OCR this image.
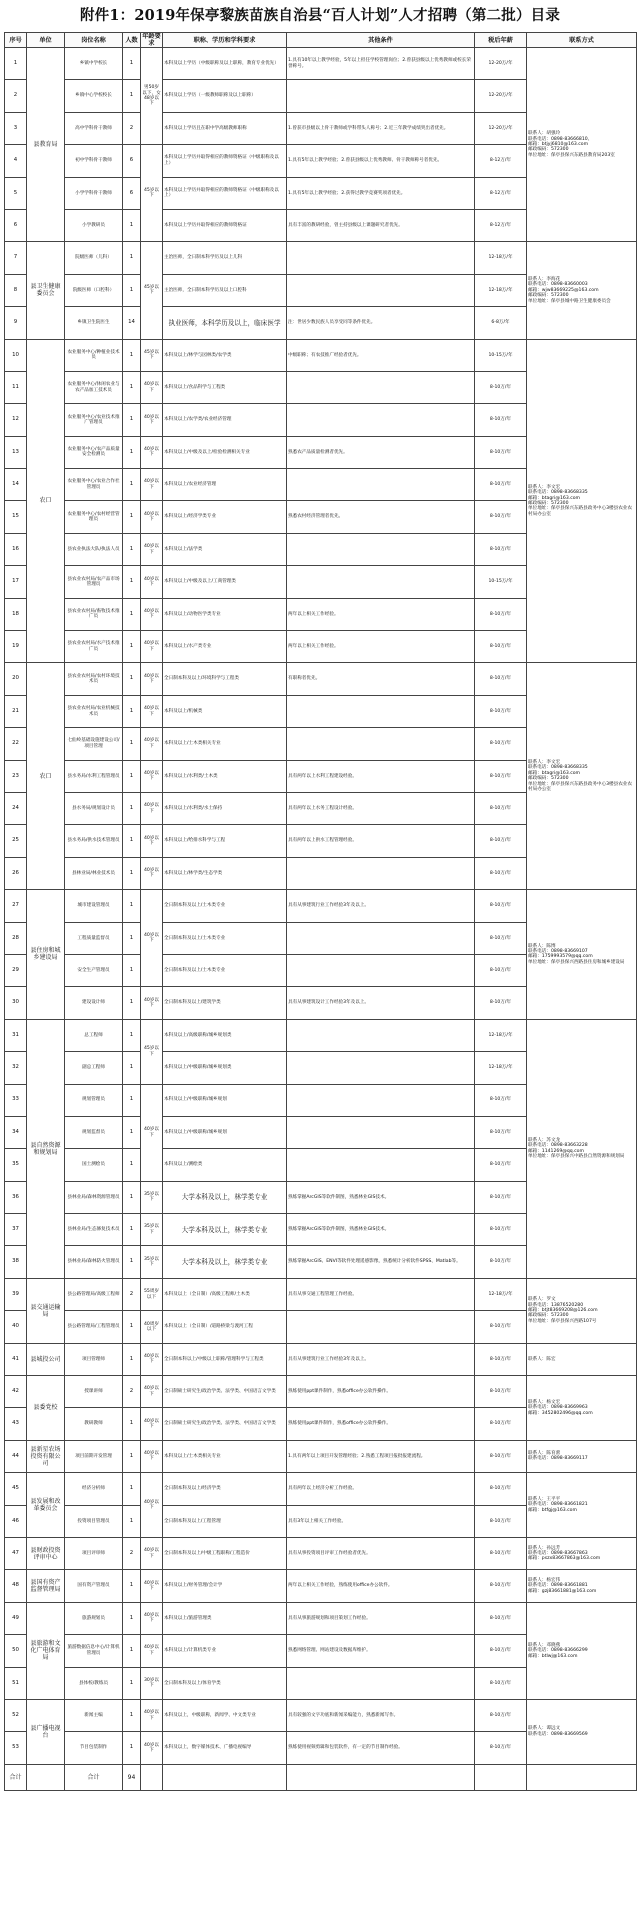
附件1：2019年保亭黎族苗族自治县“百人计划”人才招聘（第二批）目录
序号	单位	岗位名称	人数	年龄要求	职称、学历和学科要求	其他条件	税后年薪	联系方式
1	县教育局	乡镇中学校长	1	男50岁以下，女48岁以下	本科及以上学历（中级职称及以上职称，教育专业优先）	1.具有10年以上教学经验，5年以上担任学校管理岗位；2.曾获县级以上优秀教师或校长荣誉称号。	12-20万/年	联系人：胡强玲
联系电话：0898-83666810、
邮箱：btjyj6810@163.com
邮政编码：572300
单位地址：保亭县保兴东路县教育局203室
2		乡镇中心学校校长	1		本科及以上学历（一级教师职称及以上职称）		12-20万/年	
3		高中学科骨干教师	2		本科及以上学历且在职中学高级教师职称	1.曾获市县级以上骨干教师或学科带头人称号；2.近三年教学成绩突出者优先。	12-20万/年	
4		初中学科骨干教师	6	45岁以下	本科及以上学历并取得相应的教师资格证（中级职称及以上）	1.具有5年以上教学经验；2.曾获县级以上优秀教师、骨干教师称号者优先。	8-12万/年	
5		小学学科骨干教师	6		本科及以上学历并取得相应的教师资格证（中级职称及以上）	1.具有5年以上教学经验；2.获得过教学竞赛奖项者优先。	8-12万/年	
6		小学教研员	1		本科及以上学历并取得相应的教师资格证	具有丰富的教研经验，曾主持县级以上课题研究者优先。	8-12万/年	
7	县卫生健康委员会	院级医师（儿科）	1	45岁以下	主治医师，全日制本科学历及以上儿科		12-18万/年	联系人：李海花
联系电话：0898-83660003
邮箱：wjw83669225@163.com
邮政编码：572300
单位地址：保亭县城中路卫生健康委员会
8		院级医师（口腔科）	1		主治医师，全日制本科学历及以上口腔科		12-18万/年	
9		乡镇卫生院医生	14		执业医师，本科学历及以上，临床医学	注：世居少数民族人员享受同等条件优先。	6-8万/年	
10	农口	农业服务中心/种植业技术员	1	45岁以下	本科及以上/林学与园林类/农学类	中级职称；有农技推广经验者优先。	10-15万/年	联系人：李文宏
联系电话：0898-83668335
邮箱：btagri@163.com
邮政编码：572300
单位地址：保亭县保兴东路县政务中心3楼县农业农村局办公室
11		农业服务中心/休闲农业与农产品加工技术员	1	40岁以下	本科及以上/食品科学与工程类		8-10万/年	
12		农业服务中心/农业技术推广管理员	1	40岁以下	本科及以上/农学类/农业经济管理		8-10万/年	
13		农业服务中心/农产品质量安全检测员	1	40岁以下	本科及以上/中级及以上/检验检测相关专业	熟悉农产品质量检测者优先。	8-10万/年	
14		农业服务中心/农业合作社管理员	1	40岁以下	本科及以上/农业经济管理		8-10万/年	
15		农业服务中心/农村经营管理员	1	40岁以下	本科及以上/经济学类专业	熟悉农村经济管理者优先。	8-10万/年	
16		县农业执法大队/执法人员	1	40岁以下	本科及以上/法学类		8-10万/年	
17		县农业农村局/农产品市场管理员	1	40岁以下	本科及以上/中级及以上/工商管理类		10-15万/年	
18		县农业农村局/畜牧技术推广员	1	40岁以下	本科及以上/动物医学类专业	两年以上相关工作经验。	8-10万/年	
19		县农业农村局/水产技术推广员	1	40岁以下	本科及以上/水产类专业	两年以上相关工作经验。	8-10万/年	
20	农口	县农业农村局/农村环境技术员	1	40岁以下	全日制本科及以上/环境科学与工程类	有职称者优先。	8-10万/年	联系人：李文宏
联系电话：0898-83668335
邮箱：btagri@163.com
邮政编码：572300
单位地址：保亭县保兴东路县政务中心3楼县农业农村局办公室
21		县农业农村局/农业机械技术员	1	40岁以下	本科及以上/机械类		8-10万/年	
22		七仙岭基础设施建设公司/项目管理	1	40岁以下	本科及以上/土木类相关专业		8-10万/年	
23		县水务局/水利工程管理员	1	40岁以下	本科及以上/水利类/土木类	具有两年以上水利工程建设经验。	8-10万/年	
24		县水务局/规划设计员	1	40岁以下	本科及以上/水利类/水土保持	具有两年以上水务工程设计经验。	8-10万/年	
25		县水务局/供水技术管理员	1	40岁以下	本科及以上/给排水科学与工程	具有两年以上供水工程管理经验。	8-10万/年	
26		县林业局/林业技术员	1	40岁以下	本科及以上/林学类/生态学类		8-10万/年	
27	县住房和城乡建设局	城市建设管理员	1	40岁以下	全日制本科及以上/土木类专业	具有从事建筑行业工作经验3年及以上。	8-10万/年	联系人：陈博
联系电话：0898-83669107
邮箱：1759993579@qq.com
单位地址：保亭县保兴西路县住房和城乡建设局
28		工程质量监督员	1		全日制本科及以上/土木类专业		8-10万/年	
29		安全生产管理员	1		全日制本科及以上/土木类专业		8-10万/年	
30		建设设计师	1	40岁以下	全日制本科及以上/建筑学类	具有从事建筑设计工作经验3年及以上。	8-10万/年	
31	县自然资源和规划局	总工程师	1	45岁以下	本科及以上/高级职称/城乡规划类		12-18万/年	联系人：苏文龙
联系电话：0898-83663228
邮箱：1141269@qq.com
单位地址：保亭县保兴中路县自然资源和规划局
32		副总工程师	1		本科及以上/中级职称/城乡规划类		12-18万/年	
33		规划管理员	1	40岁以下	本科及以上/中级职称/城乡规划		8-10万/年	
34		规划监督员	1		本科及以上/中级职称/城乡规划		8-10万/年	
35		国土测绘员	1		本科及以上/测绘类		8-10万/年	
36		县林业局/森林资源管理员	1	35岁以下	大学本科及以上，林学类专业	熟练掌握ArcGIS等软件制图，熟悉林业GIS技术。	8-10万/年	
37		县林业局/生态修复技术员	1	35岁以下	大学本科及以上，林学类专业	熟练掌握ArcGIS等软件制图，熟悉林业GIS技术。	8-10万/年	
38		县林业局/森林防火管理员	1	35岁以下	大学本科及以上，林学类专业	熟练掌握ArcGIS、ENVI等软件处理遥感影像，熟悉统计分析软件SPSS、Matlab等。	8-10万/年	
39	县交通运输局	县公路管理局/高级工程师	2	55周岁以下	本科及以上（全日制）/高级工程师/土木类	具有从事交通工程管理工作经验。	12-18万/年	联系人：罗文
联系电话：13876520280
邮箱：btjt83669208@126.com
邮政编码：572300
单位地址：保亭县保兴西路107号
40		县公路管理局/工程管理员	1	40周岁以下	本科及以上（全日制）/道路桥梁与渡河工程		8-10万/年	
41	县城投公司	项目管理师	1	40岁以下	全日制本科以上/中级以上职称/管理科学与工程类	具有从事建筑行业工作经验3年及以上。	8-10万/年	联系人：陈宏
42	县委党校	授课讲师	2	40岁以下	全日制硕士研究生/政治学类、法学类、中国语言文学类	熟练使用ppt课件制作，熟悉office办公软件操作。	8-10万/年	联系人：杨文宏
联系电话：0898-83669963
邮箱：3452802496@qq.com
43		教研教师	1	40岁以下	全日制硕士研究生/政治学类、法学类、中国语言文学类	熟练使用ppt课件制作，熟悉office办公软件操作。	8-10万/年	
44	县新星农场投资有限公司	项目前期开发管理	1	40岁以下	本科及以上/土木类相关专业	1.具有两年以上项目开发管理经验；2.熟悉工程项目报批报建流程。	8-10万/年	联系人：陈育蕾
联系电话：0898-83669117
45	县发展和改革委员会	经济分析师	1	40岁以下	全日制本科及以上/经济学类	具有两年以上经济分析工作经验。	8-10万/年	联系人：王平平
联系电话：0898-83661821
邮箱：btfgj@163.com
46		投资项目管理员	1		全日制本科及以上/工程管理	具有3年以上相关工作经验。	8-10万/年	
47	县财政投资评审中心	项目评审师	2	40岁以下	全日制本科及以上/中级工程职称/工程造价	具有从事投资项目评审工作经验者优先。	8-10万/年	联系人：孙远芳
联系电话：0898-83667863
邮箱：pszx83667863@163.com
48	县国有资产监督管理局	国有资产管理员	1	40岁以下	本科及以上/财务管理/会计学	两年以上相关工作经验，熟练使用office办公软件。	8-10万/年	联系人：杨宏伟
联系电话：0898-83661881
邮箱：gzj83661881@163.com
49	县旅游和文化广电体育局	旅游规划员	1	40岁以下	本科及以上/旅游管理类	具有从事旅游规划和项目策划工作经验。	8-10万/年	联系人：邓晓燕
联系电话：0898-83666299
邮箱：btlwj@163.com
50		旅游数据信息中心/计算机管理员	1	40岁以下	本科及以上/计算机类专业	熟悉网络管理、网站建设及数据库维护。	8-10万/年	
51		县体校/教练员	1	30岁以下	全日制本科及以上/体育学类		8-10万/年	
52	县广播电视台	新闻主编	1	40岁以下	本科及以上，中级职称，新闻学、中文类专业	具有较强的文字功底和新闻采编能力，熟悉新闻写作。	8-10万/年	联系人：谭远文
联系电话：0898-83669569
53		节目包装制作	1	40岁以下	本科及以上，数字媒体技术、广播电视编导	熟练使用视频剪辑和包装软件，有一定的节目制作经验。	8-10万/年	
合计		合计	94					
